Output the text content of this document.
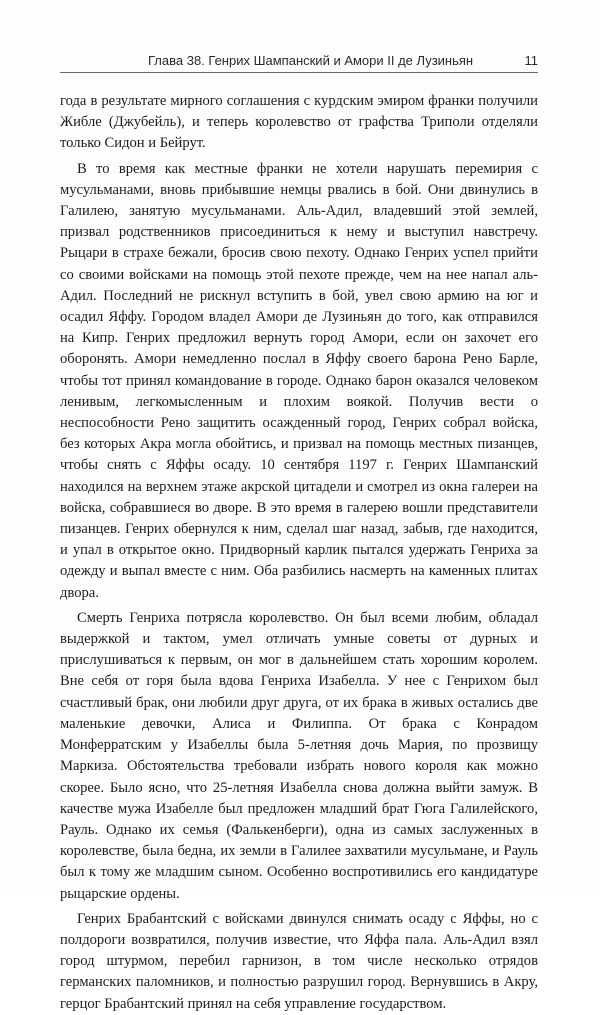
Глава 38. Генрих Шампанский и Амори II де Лузиньян	11

года в результате мирного соглашения с курдским эмиром франки получили Жибле (Джубейль), и теперь королевство от графства Триполи отделяли только Сидон и Бейрут.

В то время как местные франки не хотели нарушать перемирия с мусульманами, вновь прибывшие немцы рвались в бой. Они двинулись в Галилею, занятую мусульманами. Аль-Адил, владевший этой землей, призвал родственников присоединиться к нему и выступил навстречу. Рыцари в страхе бежали, бросив свою пехоту. Однако Генрих успел прийти со своими войсками на помощь этой пехоте прежде, чем на нее напал аль-Адил. Последний не рискнул вступить в бой, увел свою армию на юг и осадил Яффу. Городом владел Амори де Лузиньян до того, как отправился на Кипр. Генрих предложил вернуть город Амори, если он захочет его оборонять. Амори немедленно послал в Яффу своего барона Рено Барле, чтобы тот принял командование в городе. Однако барон оказался человеком ленивым, легкомысленным и плохим воякой. Получив вести о неспособности Рено защитить осажденный город, Генрих собрал войска, без которых Акра могла обойтись, и призвал на помощь местных пизанцев, чтобы снять с Яффы осаду. 10 сентября 1197 г. Генрих Шампанский находился на верхнем этаже акрской цитадели и смотрел из окна галереи на войска, собравшиеся во дворе. В это время в галерею вошли представители пизанцев. Генрих обернулся к ним, сделал шаг назад, забыв, где находится, и упал в открытое окно. Придворный карлик пытался удержать Генриха за одежду и выпал вместе с ним. Оба разбились насмерть на каменных плитах двора.

Смерть Генриха потрясла королевство. Он был всеми любим, обладал выдержкой и тактом, умел отличать умные советы от дурных и прислушиваться к первым, он мог в дальнейшем стать хорошим королем. Вне себя от горя была вдова Генриха Изабелла. У нее с Генрихом был счастливый брак, они любили друг друга, от их брака в живых остались две маленькие девочки, Алиса и Филиппа. От брака с Конрадом Монферратским у Изабеллы была 5-летняя дочь Мария, по прозвищу Маркиза. Обстоятельства требовали избрать нового короля как можно скорее. Было ясно, что 25-летняя Изабелла снова должна выйти замуж. В качестве мужа Изабелле был предложен младший брат Гюга Галилейского, Рауль. Однако их семья (Фалькенберги), одна из самых заслуженных в королевстве, была бедна, их земли в Галилее захватили мусульмане, и Рауль был к тому же младшим сыном. Особенно воспротивились его кандидатуре рыцарские ордены.

Генрих Брабантский с войсками двинулся снимать осаду с Яффы, но с полдороги возвратился, получив известие, что Яффа пала. Аль-Адил взял город штурмом, перебил гарнизон, в том числе несколько отрядов германских паломников, и полностью разрушил город. Вернувшись в Акру, герцог Брабантский принял на себя управление государством.
